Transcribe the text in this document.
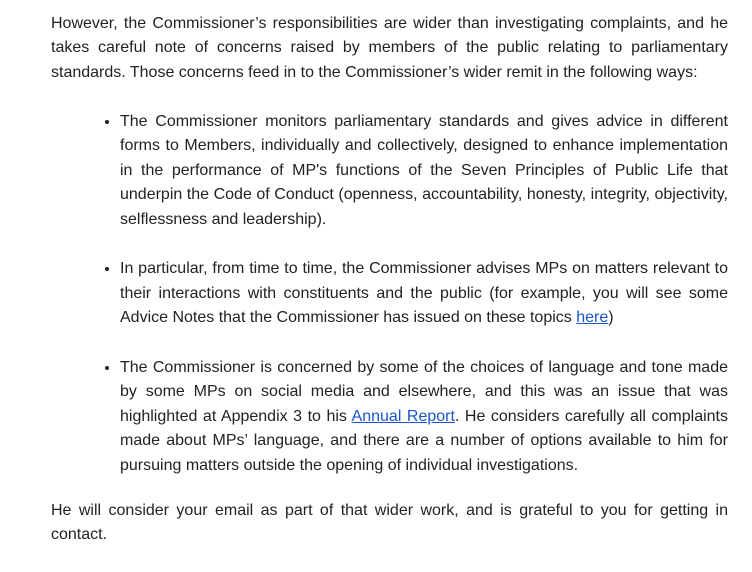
However, the Commissioner’s responsibilities are wider than investigating complaints, and he takes careful note of concerns raised by members of the public relating to parliamentary standards. Those concerns feed in to the Commissioner’s wider remit in the following ways:

• The Commissioner monitors parliamentary standards and gives advice in different forms to Members, individually and collectively, designed to enhance implementation in the performance of MP's functions of the Seven Principles of Public Life that underpin the Code of Conduct (openness, accountability, honesty, integrity, objectivity, selflessness and leadership).
• In particular, from time to time, the Commissioner advises MPs on matters relevant to their interactions with constituents and the public (for example, you will see some Advice Notes that the Commissioner has issued on these topics here)
• The Commissioner is concerned by some of the choices of language and tone made by some MPs on social media and elsewhere, and this was an issue that was highlighted at Appendix 3 to his Annual Report. He considers carefully all complaints made about MPs’ language, and there are a number of options available to him for pursuing matters outside the opening of individual investigations.

He will consider your email as part of that wider work, and is grateful to you for getting in contact.
